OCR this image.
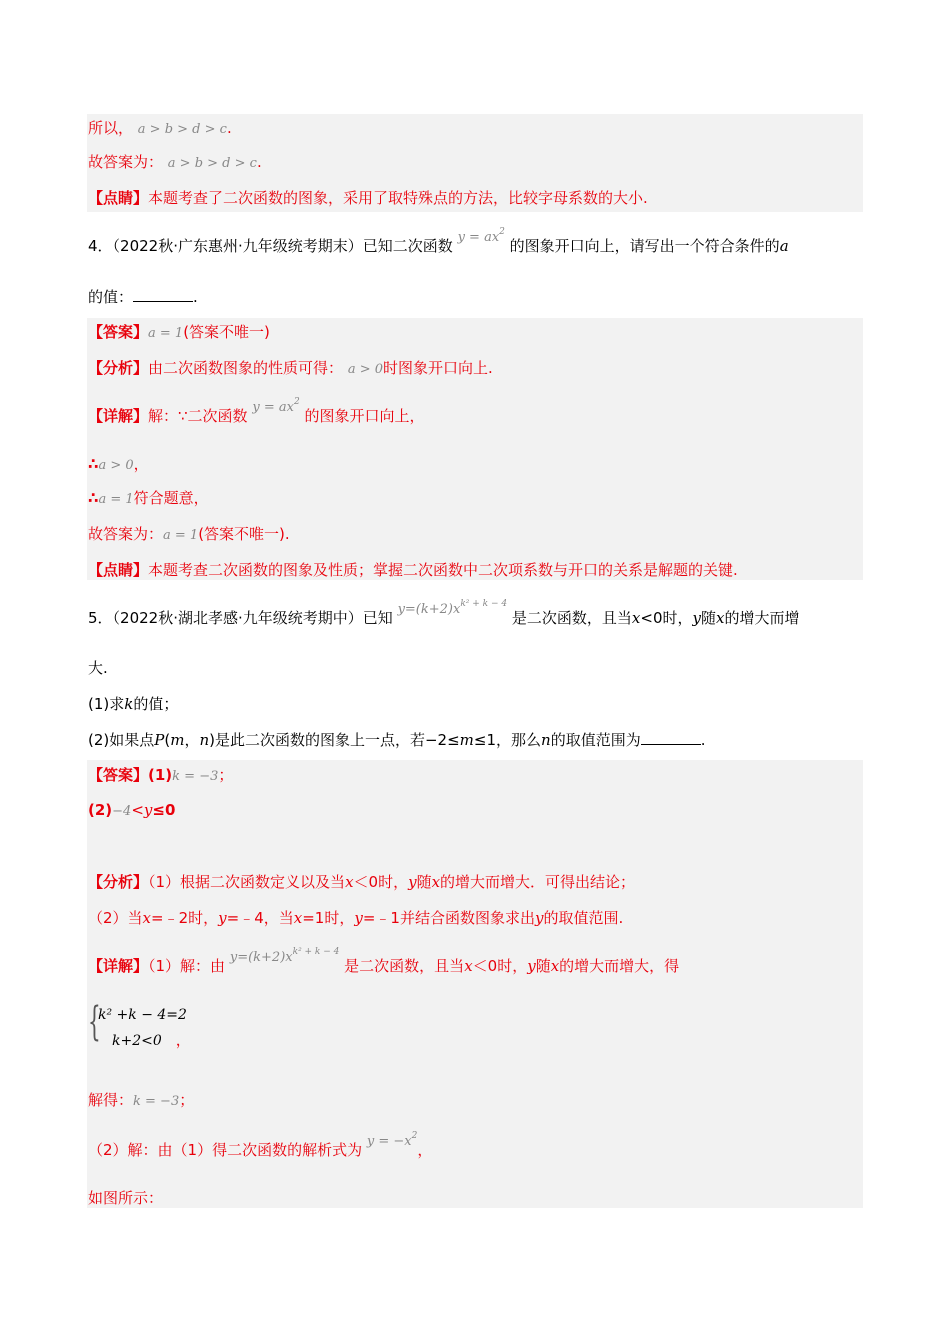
所以， a > b > d > c.
故答案为： a > b > d > c.
【点睛】本题考查了二次函数的图象，采用了取特殊点的方法，比较字母系数的大小.
4．（2022秋·广东惠州·九年级统考期末）已知二次函数 $y = ax^2$ 的图象开口向上，请写出一个符合条件的a
的值：	.
【答案】a = 1(答案不唯一)
【分析】由二次函数图象的性质可得： a > 0时图象开口向上.
【详解】解：∵二次函数 $y = ax^2$ 的图象开口向上，
∴a > 0，
∴a = 1符合题意，
故答案为：a = 1(答案不唯一).
【点睛】本题考查二次函数的图象及性质；掌握二次函数中二次项系数与开口的关系是解题的关键.
5．（2022秋·湖北孝感·九年级统考期中）已知 $y=(k+2)x^{k^2 + k - 4}$ 是二次函数，且当x<0时，y随x的增大而增
大.
(1)求k的值；
(2)如果点P(m，n)是此二次函数的图象上一点，若−2≤m≤1，那么n的取值范围为	.
【答案】(1)k = −3；
(2)−4<y≤0
【分析】（1）根据二次函数定义以及当x＜0时，y随x的增大而增大．可得出结论；
（2）当x=﹣2时，y=﹣4，当x=1时，y=﹣1并结合函数图象求出y的取值范围.
【详解】（1）解：由 $y=(k+2)x^{k^2 + k - 4}$ 是二次函数，且当x＜0时，y随x的增大而增大，得
{
k² +k − 4=2
k+2<0 ，
解得：k = −3；
（2）解：由（1）得二次函数的解析式为 $y = -x^2$，
如图所示：
